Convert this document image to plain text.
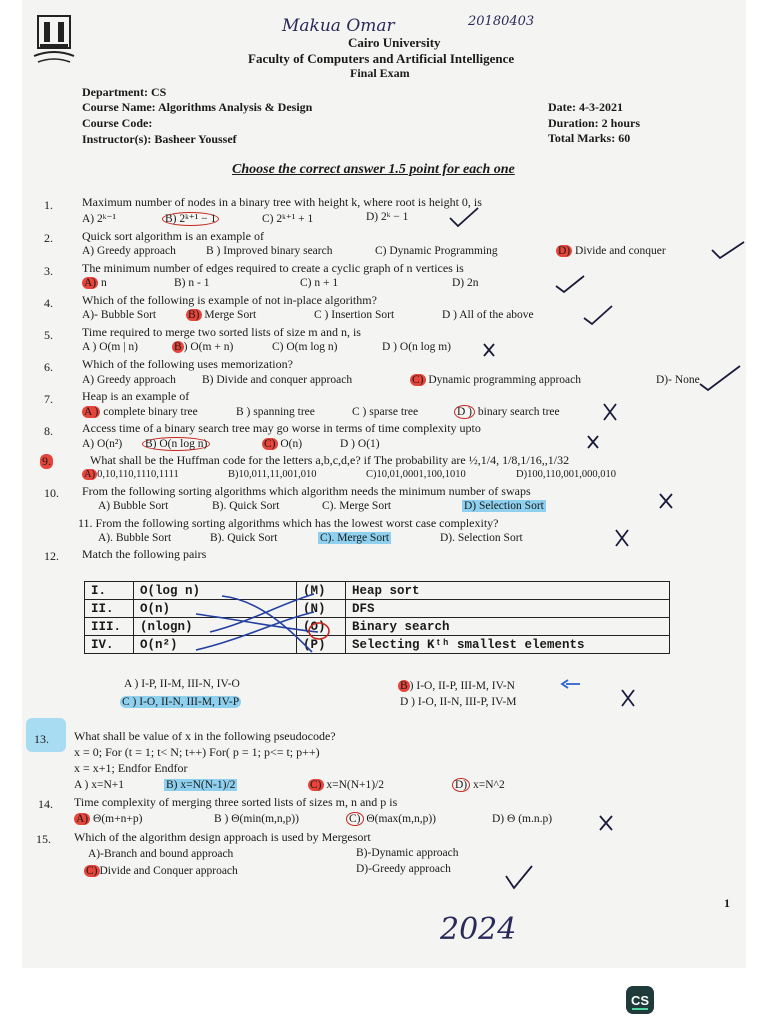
Makua Omar	20180403
Cairo University
Faculty of Computers and Artificial Intelligence
Final Exam
Department: CS
Course Name: Algorithms Analysis & Design
Course Code:
Instructor(s): Basheer Youssef
Date: 4-3-2021
Duration: 2 hours
Total Marks: 60
Choose the correct answer 1.5 point for each one
1. Maximum number of nodes in a binary tree with height k, where root is height 0, is
A) 2ᵏ⁻¹	B) 2ᵏ⁺¹ − 1	C) 2ᵏ⁺¹ + 1	D) 2ᵏ − 1
2. Quick sort algorithm is an example of
A) Greedy approach	B ) Improved binary search	C) Dynamic Programming	D) Divide and conquer
3. The minimum number of edges required to create a cyclic graph of n vertices is
A) n	B) n - 1	C) n + 1	D) 2n
4. Which of the following is example of not in-place algorithm?
A)- Bubble Sort	B) Merge Sort	C ) Insertion Sort	D ) All of the above
5. Time required to merge two sorted lists of size m and n, is
A ) O(m | n)	B ) O(m + n)	C) O(m log n)	D ) O(n log m)
6. Which of the following uses memorization?
A) Greedy approach B) Divide and conquer approach	C) Dynamic programming approach	D)- None
7. Heap is an example of
A ) complete binary tree	B ) spanning tree	C ) sparse tree	D ) binary search tree
8. Access time of a binary search tree may go worse in terms of time complexity upto
A) O(n²) B) O(n log n)	C) O(n)	D ) O(1)
9.	What shall be the Huffman code for the letters a,b,c,d,e? if The probability are ½,1/4, 1/8,1/16,,1/32
A) 0,10,110,1110,1111	B)10,011,11,001,010	C)10,01,0001,100,1010	D)100,110,001,000,010
10. From the following sorting algorithms which algorithm needs the minimum number of swaps
A) Bubble Sort	B). Quick Sort	C). Merge Sort	D) Selection Sort
11. From the following sorting algorithms which has the lowest worst case complexity?
A). Bubble Sort	B). Quick Sort	C). Merge Sort	D). Selection Sort
12. Match the following pairs
I.	O(log n)	(M)	Heap sort
II.	O(n)	(N)	DFS
III.	(nlogn)	(O)	Binary search
IV.	O(n²)	(P)	Selecting Kᵗʰ smallest elements
A ) I-P, II-M, III-N, IV-O	B ) I-O, II-P, III-M, IV-N
C ) I-O, II-N, III-M, IV-P	D ) I-O, II-N, III-P, IV-M
13. What shall be value of x in the following pseudocode?
x = 0; For (t = 1; t< N; t++) For( p = 1; p<= t; p++)
x = x+1; Endfor Endfor
A ) x=N+1	B) x=N(N-1)/2	C) x=N(N+1)/2	D) x=N^2
14. Time complexity of merging three sorted lists of sizes m, n and p is
A) Θ(m+n+p)	B ) Θ(min(m,n,p))	C) Θ(max(m,n,p))	D) Θ (m.n.p)
15. Which of the algorithm design approach is used by Mergesort
A)-Branch and bound approach	B)-Dynamic approach
C) Divide and Conquer approach	D)-Greedy approach
1
2024
CS
